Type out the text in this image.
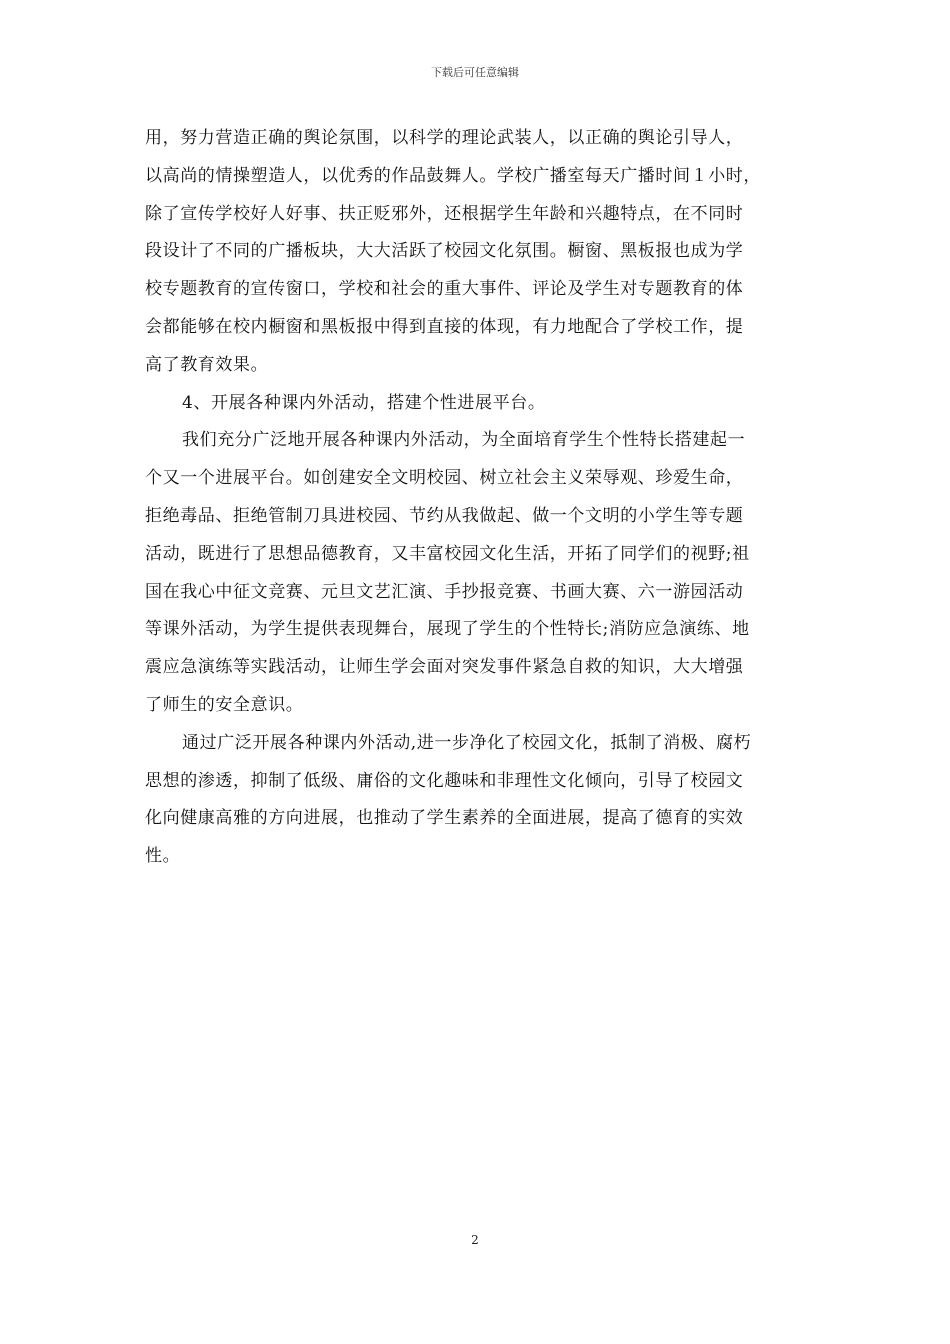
下载后可任意编辑
用，努力营造正确的舆论氛围，以科学的理论武装人，以正确的舆论引导人，
以高尚的情操塑造人，以优秀的作品鼓舞人。学校广播室每天广播时间１小时，
除了宣传学校好人好事、扶正贬邪外，还根据学生年龄和兴趣特点，在不同时
段设计了不同的广播板块，大大活跃了校园文化氛围。橱窗、黑板报也成为学
校专题教育的宣传窗口，学校和社会的重大事件、评论及学生对专题教育的体
会都能够在校内橱窗和黑板报中得到直接的体现，有力地配合了学校工作，提
高了教育效果。
4、开展各种课内外活动，搭建个性进展平台。
我们充分广泛地开展各种课内外活动，为全面培育学生个性特长搭建起一
个又一个进展平台。如创建安全文明校园、树立社会主义荣辱观、珍爱生命，
拒绝毒品、拒绝管制刀具进校园、节约从我做起、做一个文明的小学生等专题
活动，既进行了思想品德教育，又丰富校园文化生活，开拓了同学们的视野;祖
国在我心中征文竞赛、元旦文艺汇演、手抄报竞赛、书画大赛、六一游园活动
等课外活动，为学生提供表现舞台，展现了学生的个性特长;消防应急演练、地
震应急演练等实践活动，让师生学会面对突发事件紧急自救的知识，大大增强
了师生的安全意识。
通过广泛开展各种课内外活动,进一步净化了校园文化，抵制了消极、腐朽
思想的渗透，抑制了低级、庸俗的文化趣味和非理性文化倾向，引导了校园文
化向健康高雅的方向进展，也推动了学生素养的全面进展，提高了德育的实效
性。
2
